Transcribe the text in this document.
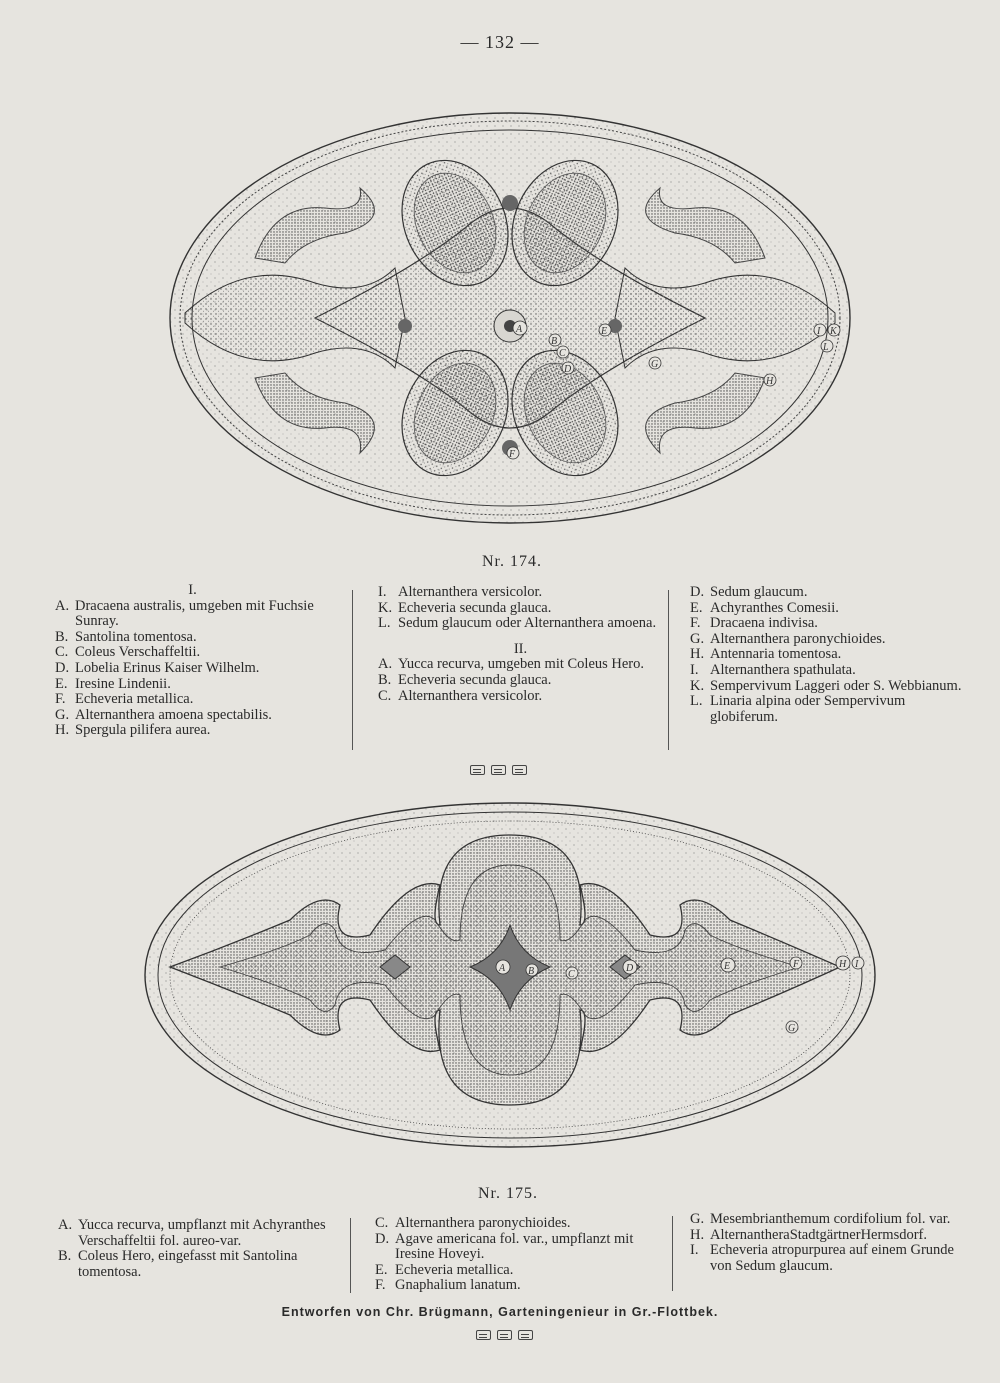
— 132 —
A
B
C
D
E
F
G
H
I K
L
Nr. 174.
I.
A. Dracaena australis, umgeben mit Fuchsie Sunray.
B. Santolina tomentosa.
C. Coleus Verschaffeltii.
D. Lobelia Erinus Kaiser Wilhelm.
E. Iresine Lindenii.
F. Echeveria metallica.
G. Alternanthera amoena spectabilis.
H. Spergula pilifera aurea.
I. Alternanthera versicolor.
K. Echeveria secunda glauca.
L. Sedum glaucum oder Alternanthera amoena.
II.
A. Yucca recurva, umgeben mit Coleus Hero.
B. Echeveria secunda glauca.
C. Alternanthera versicolor.
D. Sedum glaucum.
E. Achyranthes Comesii.
F. Dracaena indivisa.
G. Alternanthera paronychioides.
H. Antennaria tomentosa.
I. Alternanthera spathulata.
K. Sempervivum Laggeri oder S. Webbianum.
L. Linaria alpina oder Sempervivum globiferum.
A B	C
D	E	F
G
H I
Nr. 175.
A. Yucca recurva, umpflanzt mit Achyranthes Verschaffeltii fol. aureo-var.
B. Coleus Hero, eingefasst mit Santolina tomentosa.
C. Alternanthera paronychioides.
D. Agave americana fol. var., umpflanzt mit Iresine Hoveyi.
E. Echeveria metallica.
F. Gnaphalium lanatum.
G. Mesembrianthemum cordifolium fol. var.
H. AlternantheraStadtgärtnerHermsdorf.
I. Echeveria atropurpurea auf einem Grunde von Sedum glaucum.
Entworfen von Chr. Brügmann, Garteningenieur in Gr.-Flottbek.
